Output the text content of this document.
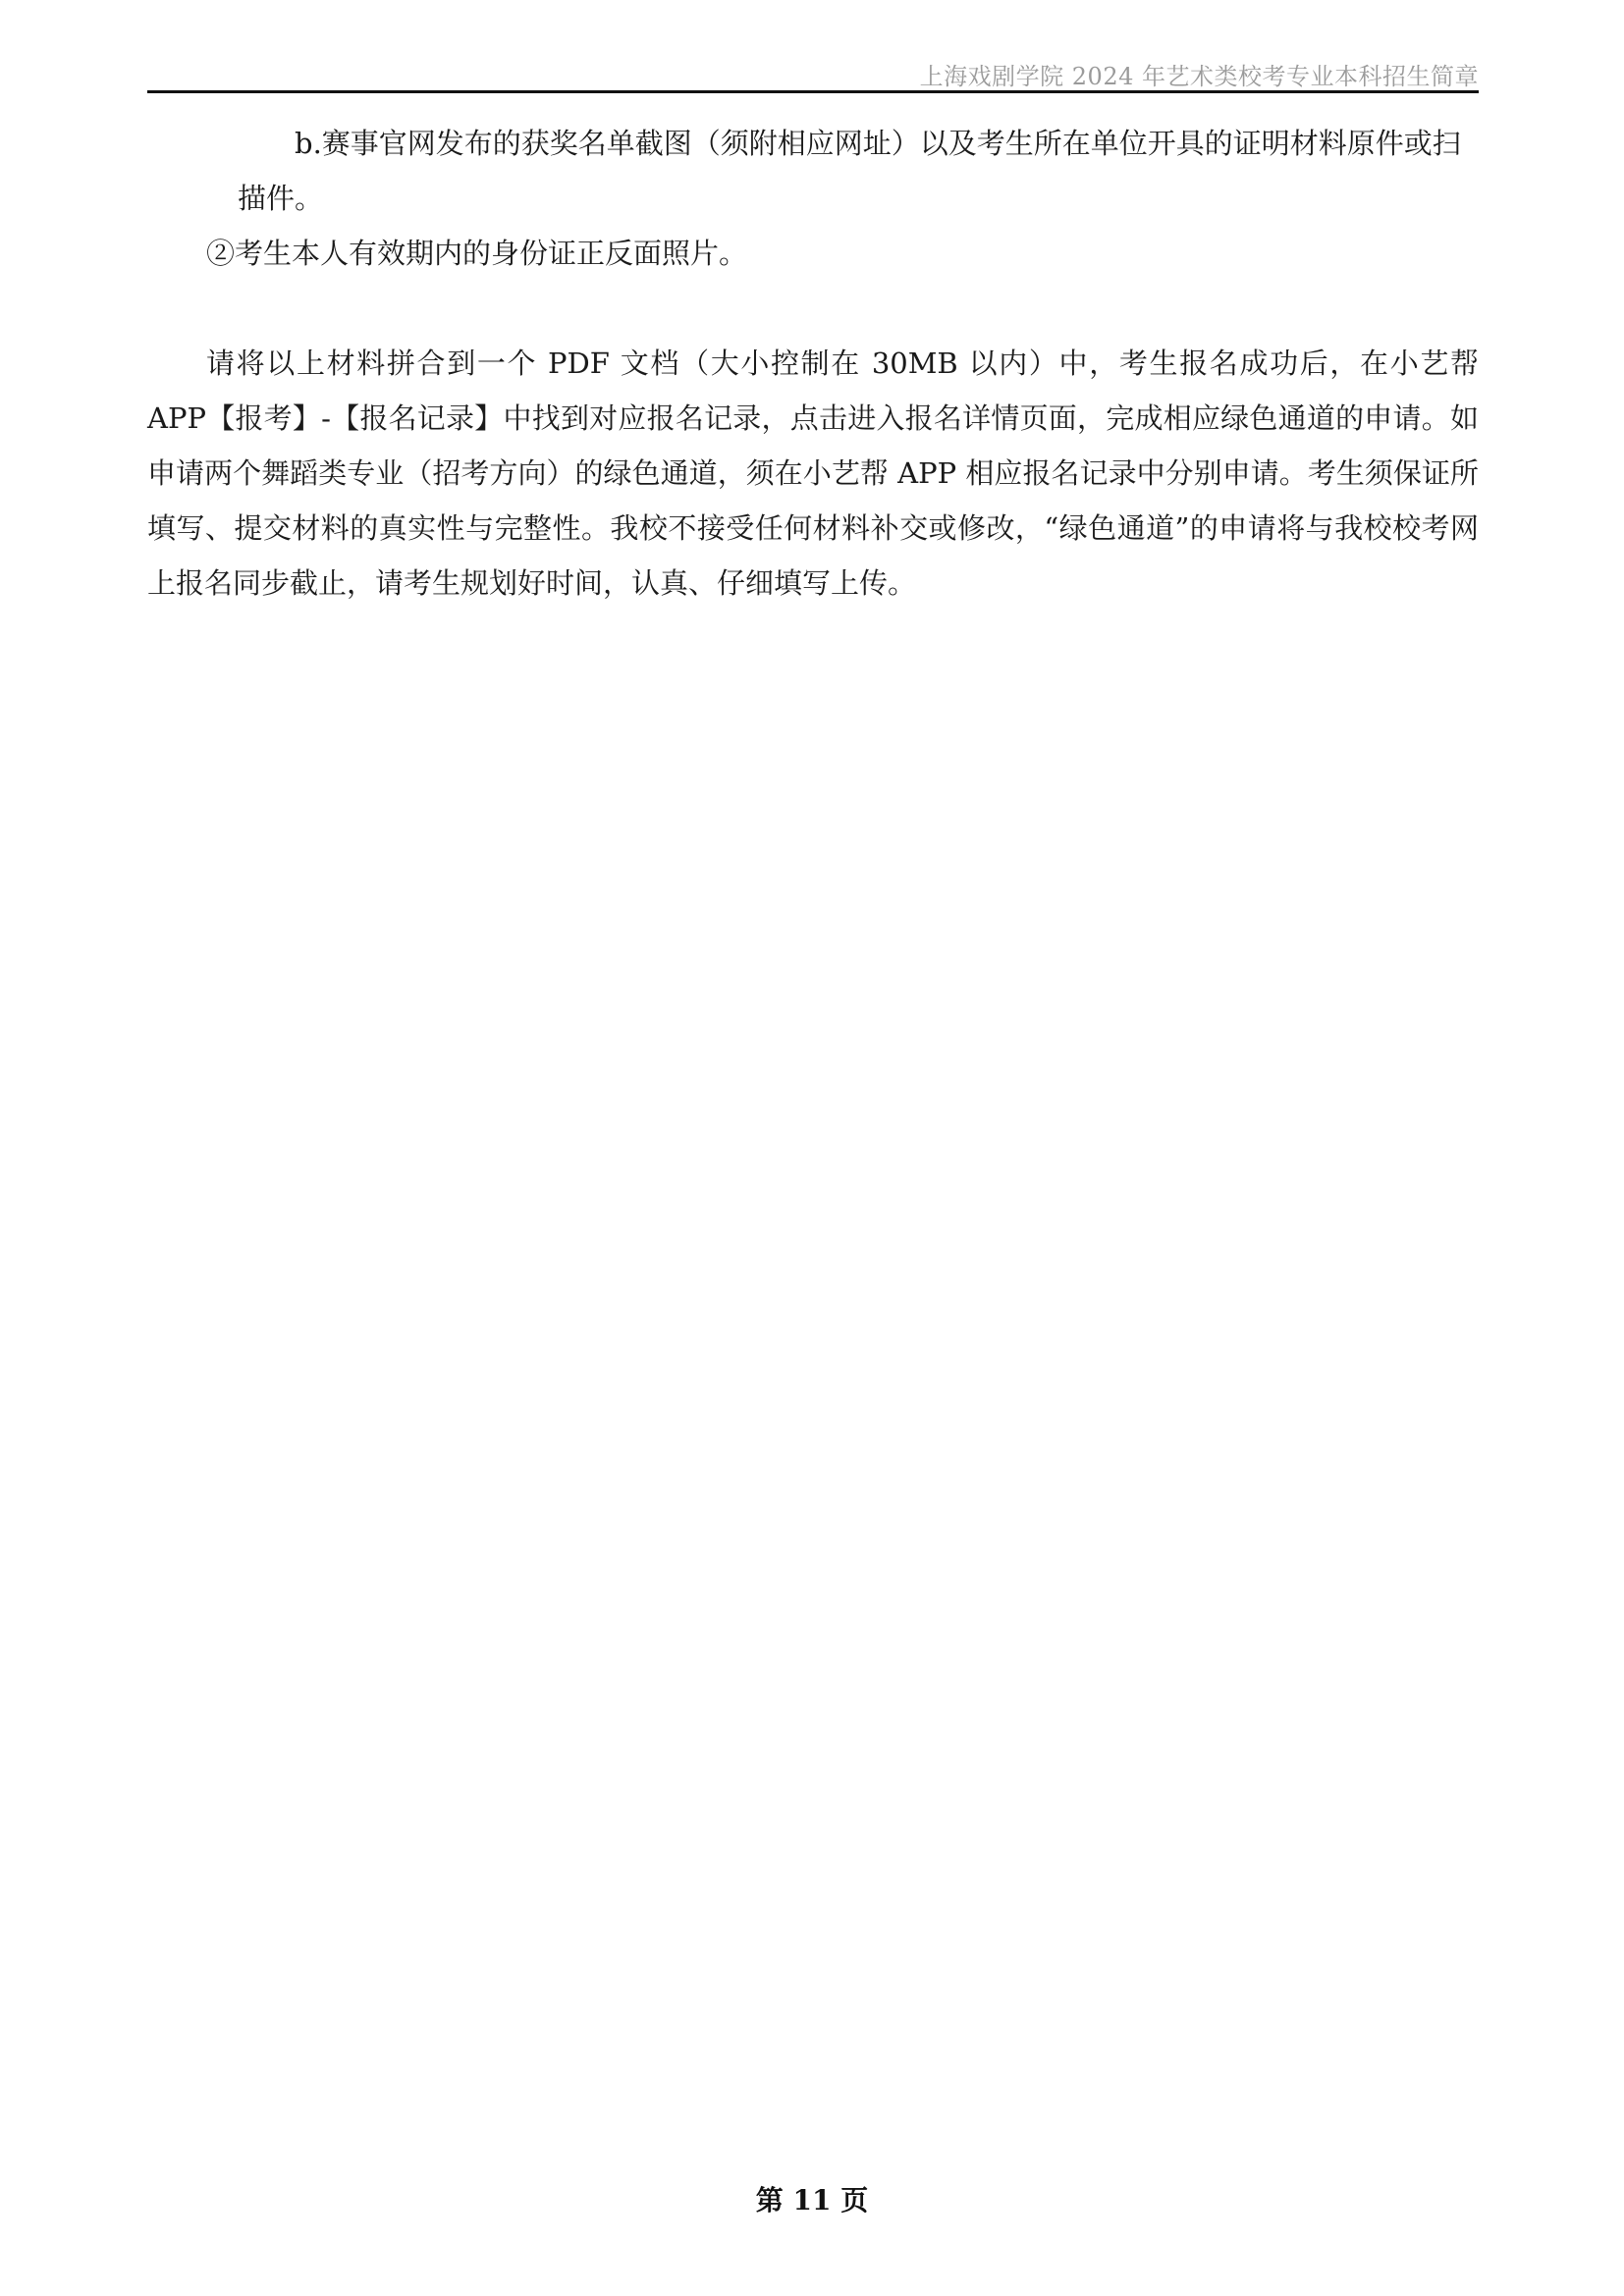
上海戏剧学院 2024 年艺术类校考专业本科招生简章

b.赛事官网发布的获奖名单截图（须附相应网址）以及考生所在单位开具的证明材料原件或扫

描件。

②考生本人有效期内的身份证正反面照片。

请将以上材料拼合到一个 PDF 文档（大小控制在 30MB 以内）中，考生报名成功后，在小艺帮 APP【报考】-【报名记录】中找到对应报名记录，点击进入报名详情页面，完成相应绿色通道的申请。如申请两个舞蹈类专业（招考方向）的绿色通道，须在小艺帮 APP 相应报名记录中分别申请。考生须保证所填写、提交材料的真实性与完整性。我校不接受任何材料补交或修改，“绿色通道”的申请将与我校校考网上报名同步截止，请考生规划好时间，认真、仔细填写上传。

第 11 页
